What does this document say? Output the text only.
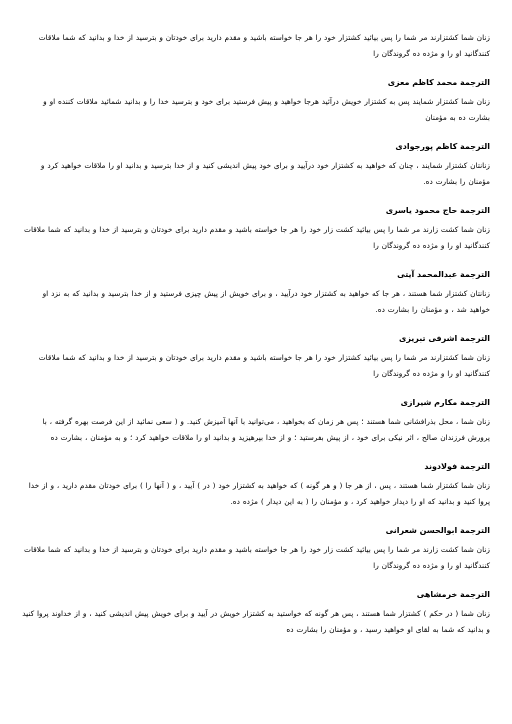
زنان شما کشتزارند مر شما را پس بیائید کشتزار خود را هر جا خواسته باشید و مقدم دارید برای خودتان و بترسید از خدا و بدانید که شما ملاقات کنندگانید او را و مژده ده گروندگان را

الترجمة محمد کاظم معزی

زنان شما کشتزار شمایند پس به کشتزار خویش درآئید هرجا خواهید و پیش فرستید برای خود و بترسید خدا را و بدانید شمائید ملاقات کننده او و بشارت ده به مؤمنان

الترجمة کاظم پورجوادی

زنانتان کشتزار شمایند ، چنان که خواهید به کشتزار خود درآیید و برای خود پیش اندیشی کنید و از خدا بترسید و بدانید او را ملاقات خواهید کرد و مؤمنان را بشارت ده.

الترجمة حاج محمود یاسری

زنان شما کشت زارند مر شما را پس بیائید کشت زار خود را هر جا خواسته باشید و مقدم دارید برای خودتان و بترسید از خدا و بدانید که شما ملاقات کنندگانید او را و مژده ده گروندگان را

الترجمة عبدالمحمد آیتی

زنانتان کشتزار شما هستند ، هر جا که خواهید به کشتزار خود درآیید ، و برای خویش از پیش چیزی فرستید و از خدا بترسید و بدانید که به نزد او خواهید شد ، و مؤمنان را بشارت ده.

الترجمة اشرفی تبریزی

زنان شما کشتزارند مر شما را پس بیائید کشتزار خود را هر جا خواسته باشید و مقدم دارید برای خودتان و بترسید از خدا و بدانید که شما ملاقات کنندگانید او را و مژده ده گروندگان را

الترجمة مکارم شیرازی

زنان شما ، محل بذرافشانی شما هستند ؛ پس هر زمان که بخواهید ، می‌توانید با آنها آمیزش کنید. و ( سعی نمائید از این فرصت بهره گرفته ، با پرورش فرزندان صالح ، اثر نیکی برای خود ، از پیش بفرستید ؛ و از خدا بپرهیزید و بدانید او را ملاقات خواهید کرد ؛ و به مؤمنان ، بشارت ده

الترجمة فولادوند

زنان شما کشتزار شما هستند ، پس ، از هر جا ( و هر گونه ) که خواهید به کشتزار خود ( در ) آیید ، و ( آنها را ) برای خودتان مقدم دارید ، و از خدا پروا کنید و بدانید که او را دیدار خواهید کرد ، و مؤمنان را ( به این دیدار ) مژده ده.

الترجمة ابوالحسن شعرانی

زنان شما کشت زارند مر شما را پس بیائید کشت زار خود را هر جا خواسته باشید و مقدم دارید برای خودتان و بترسید از خدا و بدانید که شما ملاقات کنندگانید او را و مژده ده گروندگان را

الترجمة خرمشاهی

زنان شما ( در حکم ) کشتزار شما هستند ، پس هر گونه که خواستید به کشتزار خویش در آیید و برای خویش پیش اندیشی کنید ، و از خداوند پروا کنید و بدانید که شما به لقای او خواهید رسید ، و مؤمنان را بشارت ده
